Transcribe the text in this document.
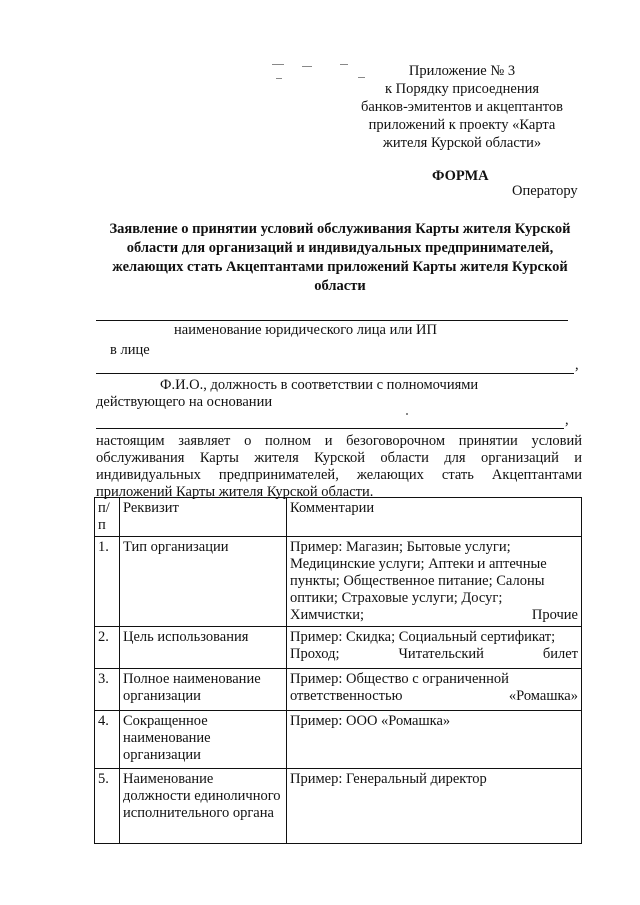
Приложение № 3
к Порядку присоеднения
банков-эмитентов и акцептантов
приложений к проекту «Карта
жителя Курской области»
ФОРМА
Оператору
Заявление о принятии условий обслуживания Карты жителя Курской
области для организаций и индивидуальных предпринимателей,
желающих стать Акцептантами приложений Карты жителя Курской
области
наименование юридического лица или ИП
в лице
,
Ф.И.О., должность в соответствии с полномочиями
действующего на основании
,
настоящим заявляет о полном и безоговорочном принятии условий
обслуживания Карты жителя Курской области для организаций и
индивидуальных предпринимателей, желающих стать Акцептантами
приложений Карты жителя Курской области.
п/п	Реквизит	Комментарии
1.	Тип организации	Пример: Магазин; Бытовые услуги; Медицинские услуги; Аптеки и аптечные пункты; Общественное питание; Салоны оптики; Страховые услуги; Досуг; Химчистки; Прочие
2.	Цель использования	Пример: Скидка; Социальный сертификат; Проход; Читательский билет
3.	Полное наименование организации	Пример: Общество с ограниченной ответственностью «Ромашка»
4.	Сокращенное наименование организации	Пример: ООО «Ромашка»
5.	Наименование должности единоличного исполнительного органа	Пример: Генеральный директор
